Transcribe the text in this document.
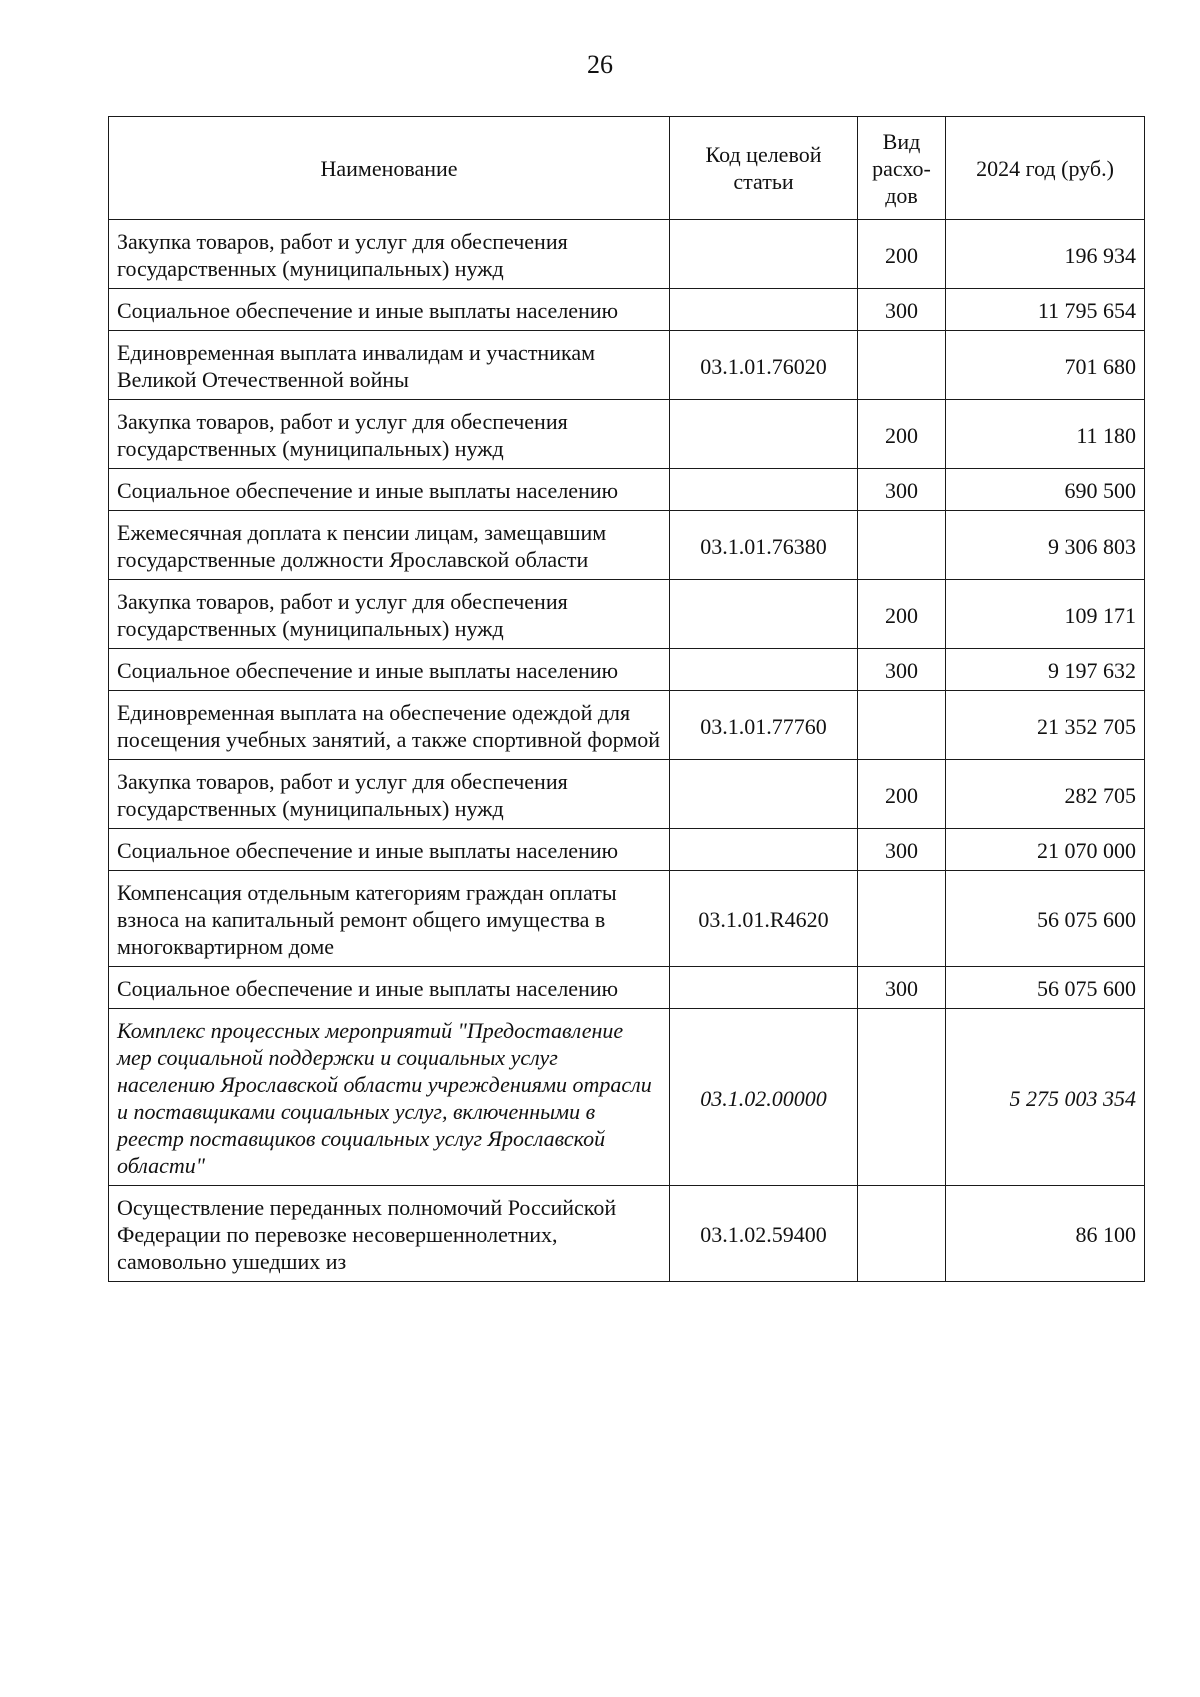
26
Наименование	Код целевой статьи	Вид расхо-дов	2024 год (руб.)
Закупка товаров, работ и услуг для обеспечения государственных (муниципальных) нужд		200	196 934
Социальное обеспечение и иные выплаты населению		300	11 795 654
Единовременная выплата инвалидам и участникам Великой Отечественной войны	03.1.01.76020		701 680
Закупка товаров, работ и услуг для обеспечения государственных (муниципальных) нужд		200	11 180
Социальное обеспечение и иные выплаты населению		300	690 500
Ежемесячная доплата к пенсии лицам, замещавшим государственные должности Ярославской области	03.1.01.76380		9 306 803
Закупка товаров, работ и услуг для обеспечения государственных (муниципальных) нужд		200	109 171
Социальное обеспечение и иные выплаты населению		300	9 197 632
Единовременная выплата на обеспечение одеждой для посещения учебных занятий, а также спортивной формой	03.1.01.77760		21 352 705
Закупка товаров, работ и услуг для обеспечения государственных (муниципальных) нужд		200	282 705
Социальное обеспечение и иные выплаты населению		300	21 070 000
Компенсация отдельным категориям граждан оплаты взноса на капитальный ремонт общего имущества в многоквартирном доме	03.1.01.R4620		56 075 600
Социальное обеспечение и иные выплаты населению		300	56 075 600
Комплекс процессных мероприятий "Предоставление мер социальной поддержки и социальных услуг населению Ярославской области учреждениями отрасли и поставщиками социальных услуг, включенными в реестр поставщиков социальных услуг Ярославской области"	03.1.02.00000		5 275 003 354
Осуществление переданных полномочий Российской Федерации по перевозке несовершеннолетних, самовольно ушедших из	03.1.02.59400		86 100
